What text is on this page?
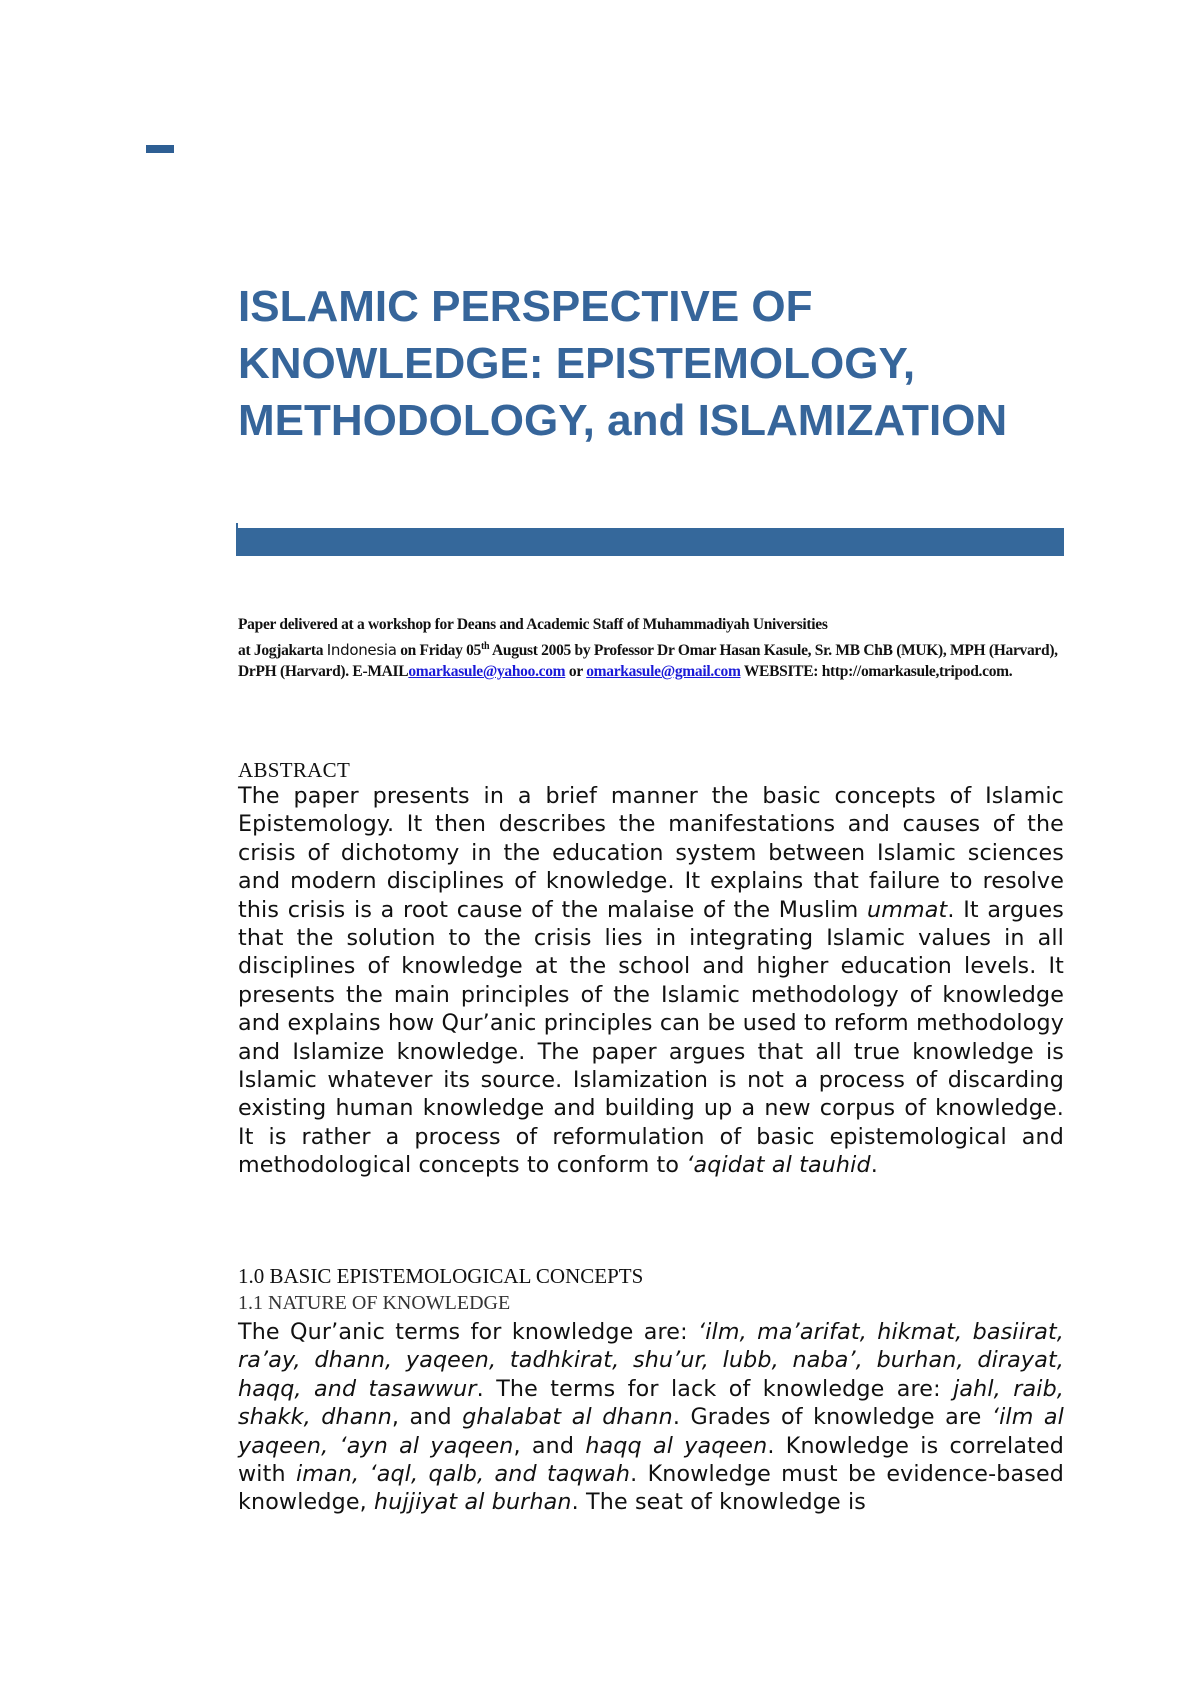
ISLAMIC PERSPECTIVE OF KNOWLEDGE: EPISTEMOLOGY, METHODOLOGY, and ISLAMIZATION

Paper delivered at a workshop for Deans and Academic Staff of Muhammadiyah Universities
at Jogjakarta Indonesia on Friday 05th August 2005 by Professor Dr Omar Hasan Kasule, Sr. MB ChB (MUK), MPH (Harvard), DrPH (Harvard). E-MAILomarkasule@yahoo.com or omarkasule@gmail.com WEBSITE: http://omarkasule,tripod.com.

ABSTRACT

The paper presents in a brief manner the basic concepts of Islamic Epistemology. It then describes the manifestations and causes of the crisis of dichotomy in the education system between Islamic sciences and modern disciplines of knowledge. It explains that failure to resolve this crisis is a root cause of the malaise of the Muslim ummat. It argues that the solution to the crisis lies in integrating Islamic values in all disciplines of knowledge at the school and higher education levels. It presents the main principles of the Islamic methodology of knowledge and explains how Qur’anic principles can be used to reform methodology and Islamize knowledge. The paper argues that all true knowledge is Islamic whatever its source. Islamization is not a process of discarding existing human knowledge and building up a new corpus of knowledge. It is rather a process of reformulation of basic epistemological and methodological concepts to conform to ‘aqidat al tauhid.

1.0 BASIC EPISTEMOLOGICAL CONCEPTS
1.1 NATURE OF KNOWLEDGE

The Qur’anic terms for knowledge are: ‘ilm, ma’arifat, hikmat, basiirat, ra’ay, dhann, yaqeen, tadhkirat, shu’ur, lubb, naba’, burhan, dirayat, haqq, and tasawwur. The terms for lack of knowledge are: jahl, raib, shakk, dhann, and ghalabat al dhann. Grades of knowledge are ‘ilm al yaqeen, ‘ayn al yaqeen, and haqq al yaqeen. Knowledge is correlated with iman, ‘aql, qalb, and taqwah. Knowledge must be evidence-based knowledge, hujjiyat al burhan. The seat of knowledge is
